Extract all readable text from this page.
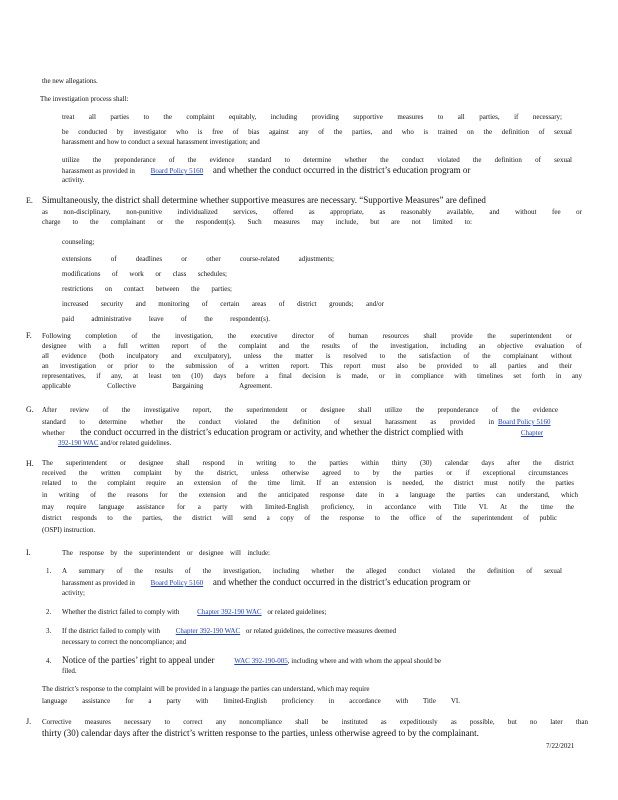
the new allegations.
The investigation process shall:
treat all parties to the complaint equitably, including providing supportive measures to all parties, if necessary;
be conducted by investigator who is free of bias against any of the parties, and who is trained on the definition of sexual
harassment and how to conduct a sexual harassment investigation; and
utilize the preponderance of the evidence standard to determine whether the conduct violated the definition of sexual
harassment as provided in Board Policy 5160 and whether the conduct occurred in the district’s education program or
activity.
E. Simultaneously, the district shall determine whether supportive measures are necessary. “Supportive Measures” are defined
as non-disciplinary, non-punitive individualized services, offered as appropriate, as reasonably available, and without fee or
charge to the complainant or the respondent(s). Such measures may include, but are not limited to:
counseling;
extensions of deadlines or other course-related adjustments;
modifications of work or class schedules;
restrictions on contact between the parties;
increased security and monitoring of certain areas of district grounds; and/or
paid administrative leave of the respondent(s).
F. Following completion of the investigation, the executive director of human resources shall provide the superintendent or
designee with a full written report of the complaint and the results of the investigation, including an objective evaluation of
all evidence (both inculpatory and exculpatory), unless the matter is resolved to the satisfaction of the complainant without
an investigation or prior to the submission of a written report. This report must also be provided to all parties and their
representatives, if any, at least ten (10) days before a final decision is made, or in compliance with timelines set forth in any
applicable Collective Bargaining Agreement.
G. After review of the investigative report, the superintendent or designee shall utilize the preponderance of the evidence
standard to determine whether the conduct violated the definition of sexual harassment as provided in Board Policy 5160
whether the conduct occurred in the district’s education program or activity, and whether the district complied with	Chapter
392-190 WAC and/or related guidelines.
H. The superintendent or designee shall respond in writing to the parties within thirty (30) calendar days after the district
received the written complaint by the district, unless otherwise agreed to by the parties or if exceptional circumstances
related to the complaint require an extension of the time limit. If an extension is needed, the district must notify the parties
in writing of the reasons for the extension and the anticipated response date in a language the parties can understand, which
may require language assistance for a party with limited-English proficiency, in accordance with Title VI. At the time the
district responds to the parties, the district will send a copy of the response to the office of the superintendent of public
(OSPI) instruction.
I.	The response by the superintendent or designee will include:
1. A summary of the results of the investigation, including whether the alleged conduct violated the definition of sexual
harassment as provided in Board Policy 5160 and whether the conduct occurred in the district’s education program or
activity;
2. Whether the district failed to comply with	Chapter 392-190 WAC or related guidelines;
3. If the district failed to comply with Chapter 392-190 WAC or related guidelines, the corrective measures deemed
necessary to correct the noncompliance; and
4. Notice of the parties’ right to appeal under	WAC 392-190-005, including where and with whom the appeal should be
filed.
The district’s response to the complaint will be provided in a language the parties can understand, which may require
language assistance for a party with limited-English proficiency in accordance with Title VI.
J. Corrective measures necessary to correct any noncompliance shall be instituted as expeditiously as possible, but no later than
thirty (30) calendar days after the district’s written response to the parties, unless otherwise agreed to by the complainant.
7/22/2021
